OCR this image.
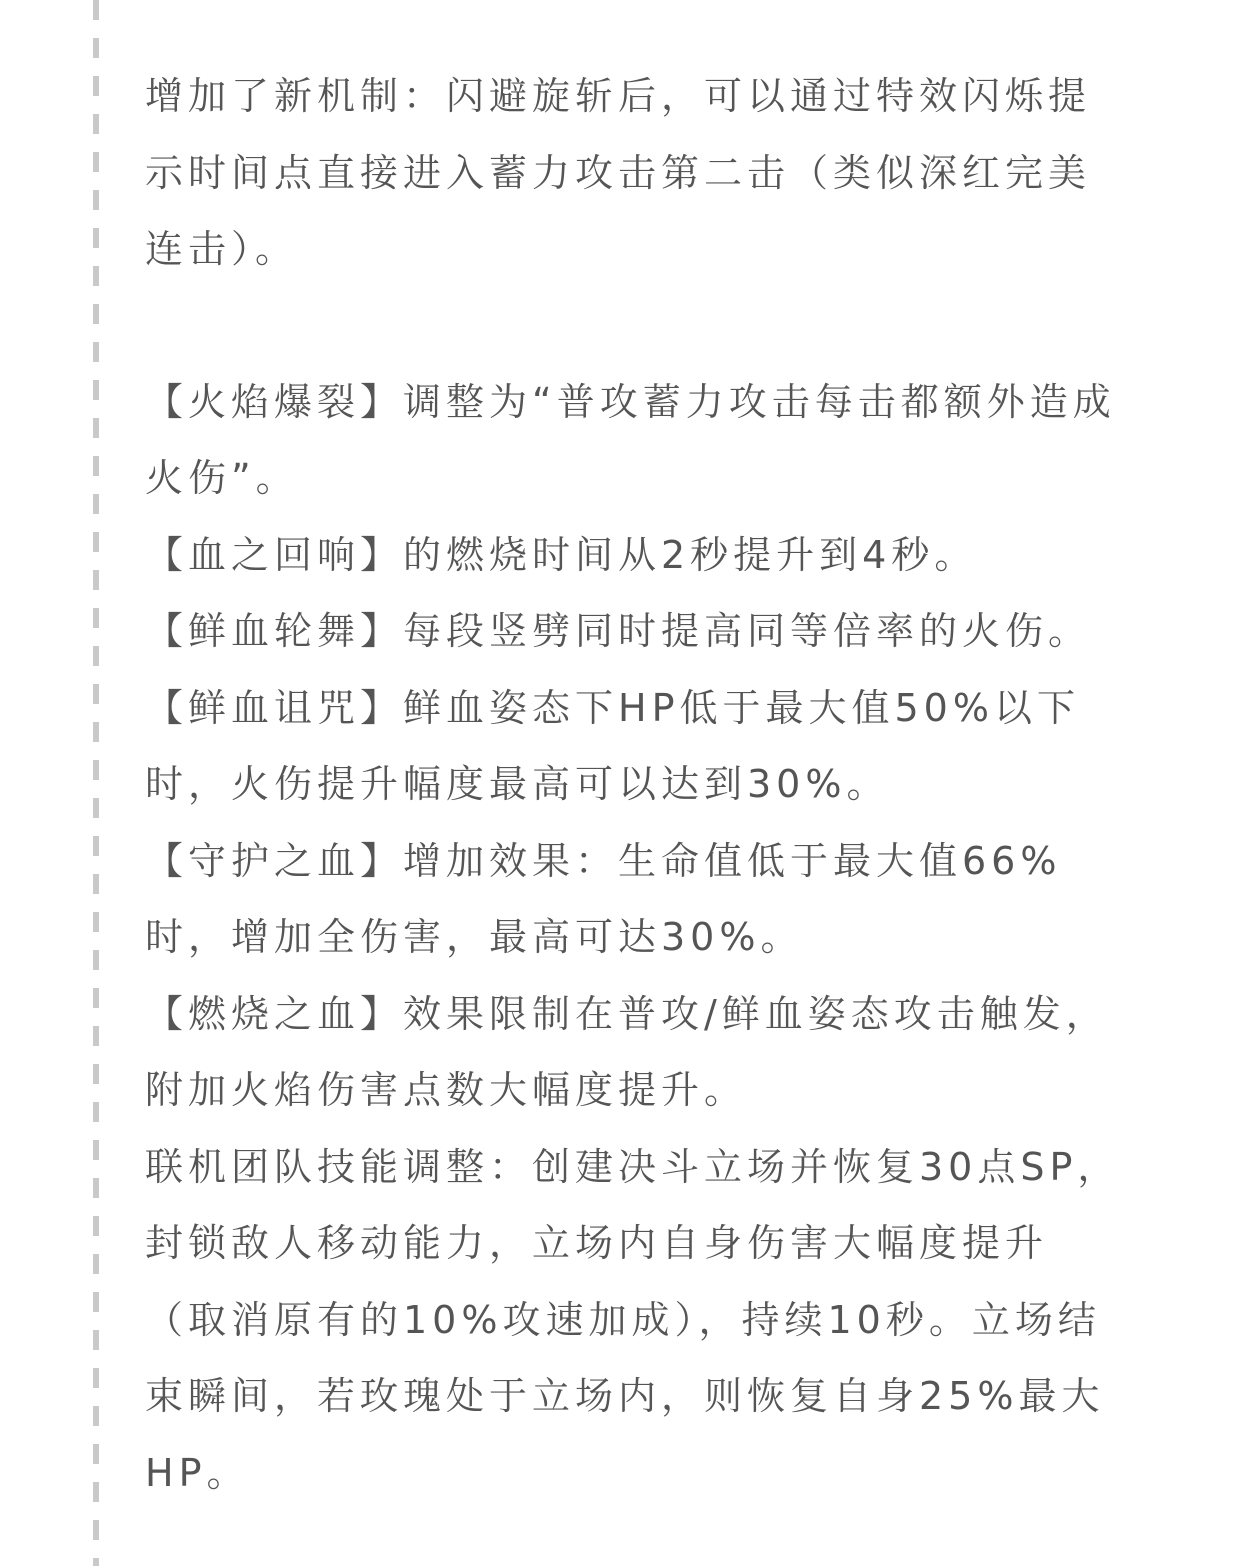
增加了新机制：闪避旋斩后，可以通过特效闪烁提
示时间点直接进入蓄力攻击第二击（类似深红完美
连击）。

【火焰爆裂】调整为“普攻蓄力攻击每击都额外造成
火伤”。

【血之回响】的燃烧时间从2秒提升到4秒。

【鲜血轮舞】每段竖劈同时提高同等倍率的火伤。

【鲜血诅咒】鲜血姿态下HP低于最大值50%以下
时，火伤提升幅度最高可以达到30%。

【守护之血】增加效果：生命值低于最大值66%
时，增加全伤害，最高可达30%。

【燃烧之血】效果限制在普攻/鲜血姿态攻击触发，
附加火焰伤害点数大幅度提升。

联机团队技能调整：创建决斗立场并恢复30点SP，
封锁敌人移动能力，立场内自身伤害大幅度提升
（取消原有的10%攻速加成），持续10秒。立场结
束瞬间，若玫瑰处于立场内，则恢复自身25%最大
HP。
